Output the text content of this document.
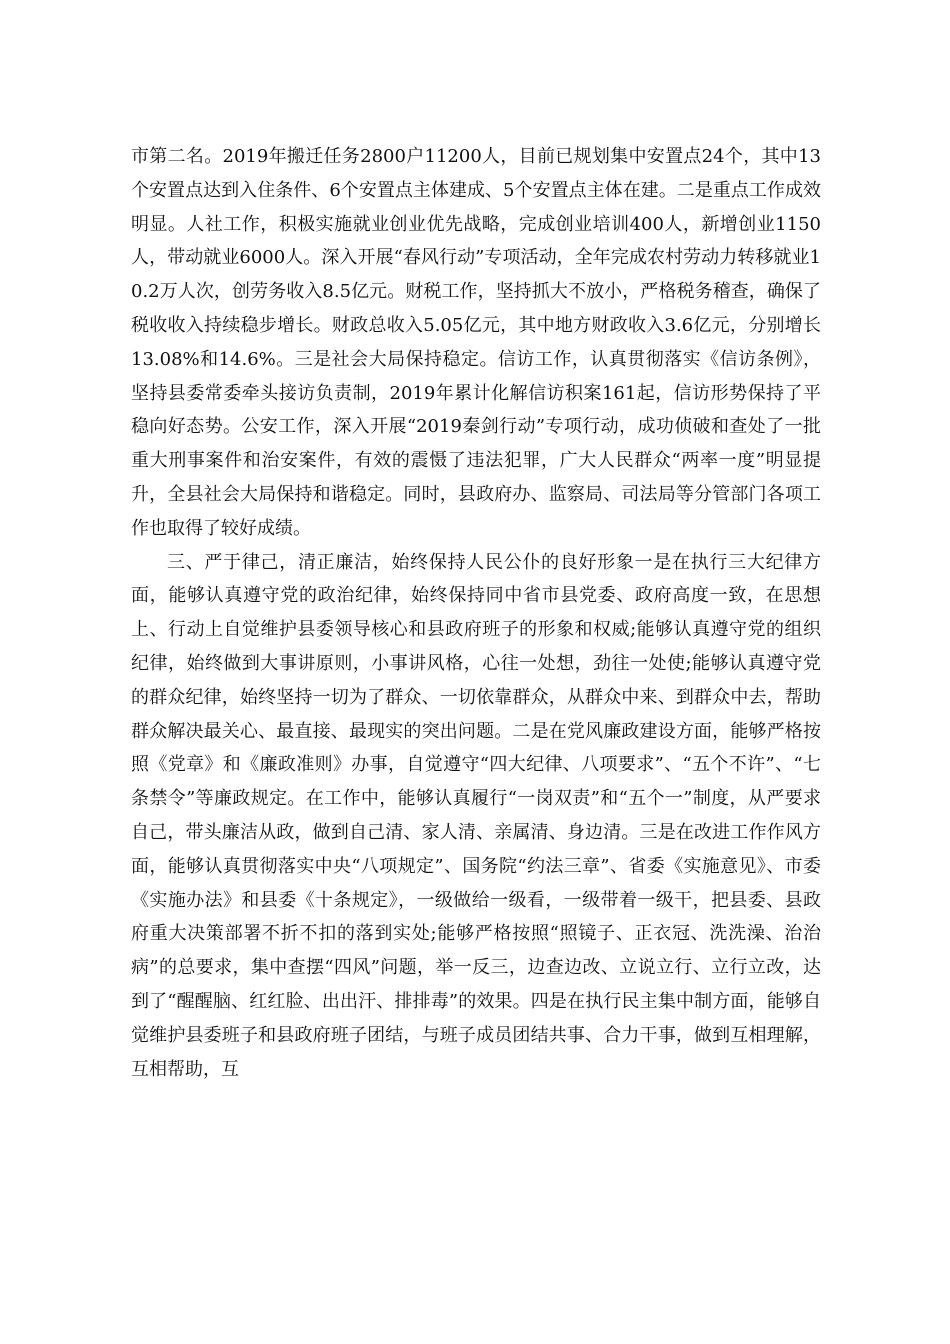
市第二名。2019年搬迁任务2800户11200人，目前已规划集中安置点24个，其中13个安置点达到入住条件、6个安置点主体建成、5个安置点主体在建。二是重点工作成效明显。人社工作，积极实施就业创业优先战略，完成创业培训400人，新增创业1150人，带动就业6000人。深入开展“春风行动”专项活动，全年完成农村劳动力转移就业10.2万人次，创劳务收入8.5亿元。财税工作，坚持抓大不放小，严格税务稽查，确保了税收收入持续稳步增长。财政总收入5.05亿元，其中地方财政收入3.6亿元，分别增长13.08%和14.6%。三是社会大局保持稳定。信访工作，认真贯彻落实《信访条例》，坚持县委常委牵头接访负责制，2019年累计化解信访积案161起，信访形势保持了平稳向好态势。公安工作，深入开展“2019秦剑行动”专项行动，成功侦破和查处了一批重大刑事案件和治安案件，有效的震慑了违法犯罪，广大人民群众“两率一度”明显提升，全县社会大局保持和谐稳定。同时，县政府办、监察局、司法局等分管部门各项工作也取得了较好成绩。

三、严于律己，清正廉洁，始终保持人民公仆的良好形象一是在执行三大纪律方面，能够认真遵守党的政治纪律，始终保持同中省市县党委、政府高度一致，在思想上、行动上自觉维护县委领导核心和县政府班子的形象和权威;能够认真遵守党的组织纪律，始终做到大事讲原则，小事讲风格，心往一处想，劲往一处使;能够认真遵守党的群众纪律，始终坚持一切为了群众、一切依靠群众，从群众中来、到群众中去，帮助群众解决最关心、最直接、最现实的突出问题。二是在党风廉政建设方面，能够严格按照《党章》和《廉政准则》办事，自觉遵守“四大纪律、八项要求”、“五个不许”、“七条禁令”等廉政规定。在工作中，能够认真履行“一岗双责”和“五个一”制度，从严要求自己，带头廉洁从政，做到自己清、家人清、亲属清、身边清。三是在改进工作作风方面，能够认真贯彻落实中央“八项规定”、国务院“约法三章”、省委《实施意见》、市委《实施办法》和县委《十条规定》，一级做给一级看，一级带着一级干，把县委、县政府重大决策部署不折不扣的落到实处;能够严格按照“照镜子、正衣冠、洗洗澡、治治病”的总要求，集中查摆“四风”问题，举一反三，边查边改、立说立行、立行立改，达到了“醒醒脑、红红脸、出出汗、排排毒”的效果。四是在执行民主集中制方面，能够自觉维护县委班子和县政府班子团结，与班子成员团结共事、合力干事，做到互相理解，互相帮助，互
